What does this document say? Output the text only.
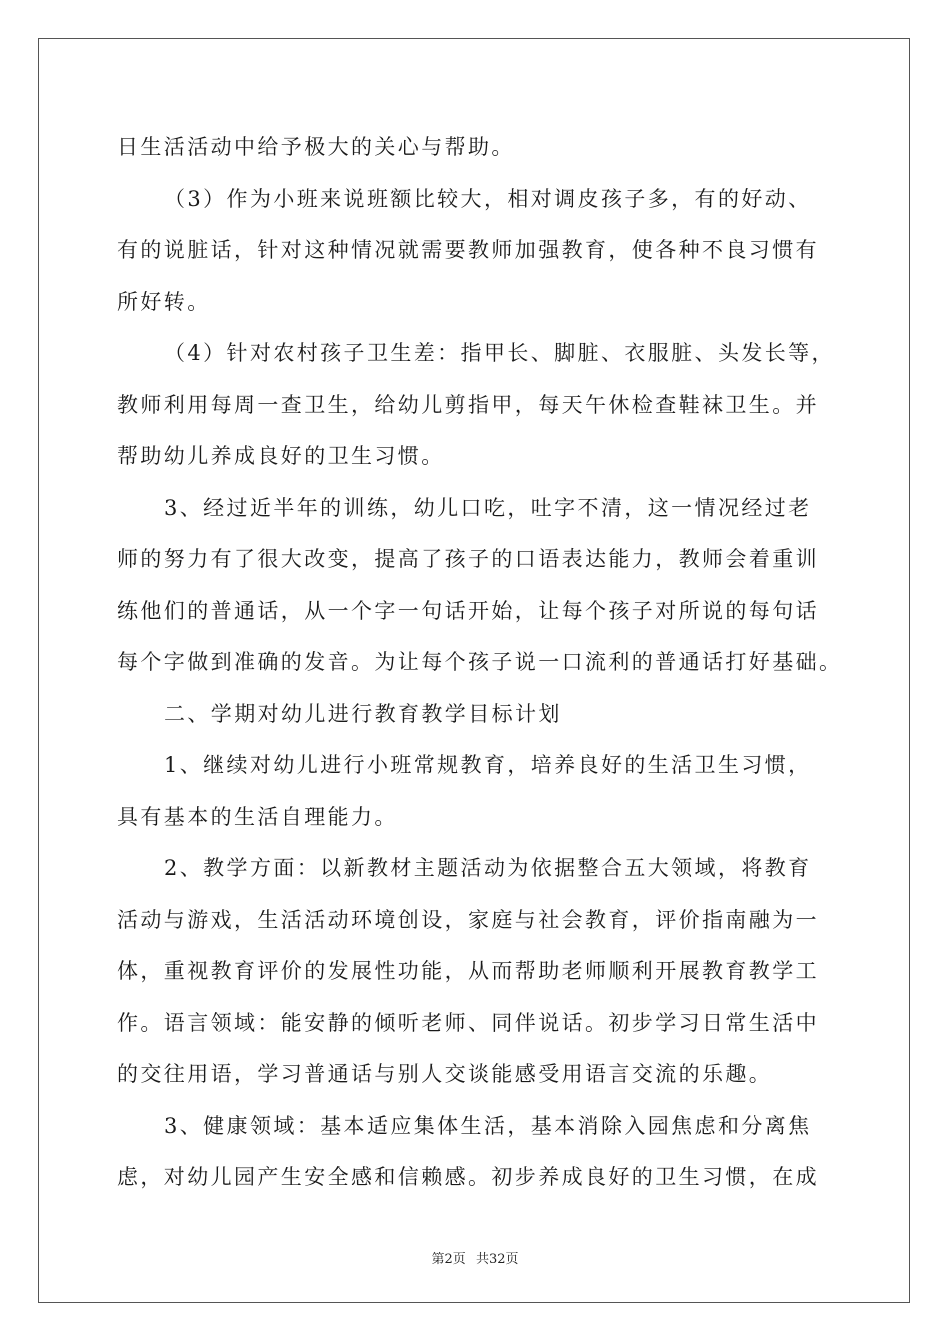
日生活活动中给予极大的关心与帮助。
（3）作为小班来说班额比较大，相对调皮孩子多，有的好动、
有的说脏话，针对这种情况就需要教师加强教育，使各种不良习惯有
所好转。
（4）针对农村孩子卫生差：指甲长、脚脏、衣服脏、头发长等，
教师利用每周一查卫生，给幼儿剪指甲，每天午休检查鞋袜卫生。并
帮助幼儿养成良好的卫生习惯。
3、经过近半年的训练，幼儿口吃，吐字不清，这一情况经过老
师的努力有了很大改变，提高了孩子的口语表达能力，教师会着重训
练他们的普通话，从一个字一句话开始，让每个孩子对所说的每句话
每个字做到准确的发音。为让每个孩子说一口流利的普通话打好基础。
二、学期对幼儿进行教育教学目标计划
1、继续对幼儿进行小班常规教育，培养良好的生活卫生习惯，
具有基本的生活自理能力。
2、教学方面：以新教材主题活动为依据整合五大领域，将教育
活动与游戏，生活活动环境创设，家庭与社会教育，评价指南融为一
体，重视教育评价的发展性功能，从而帮助老师顺利开展教育教学工
作。语言领域：能安静的倾听老师、同伴说话。初步学习日常生活中
的交往用语，学习普通话与别人交谈能感受用语言交流的乐趣。
3、健康领域：基本适应集体生活，基本消除入园焦虑和分离焦
虑，对幼儿园产生安全感和信赖感。初步养成良好的卫生习惯，在成
第2页 共32页
